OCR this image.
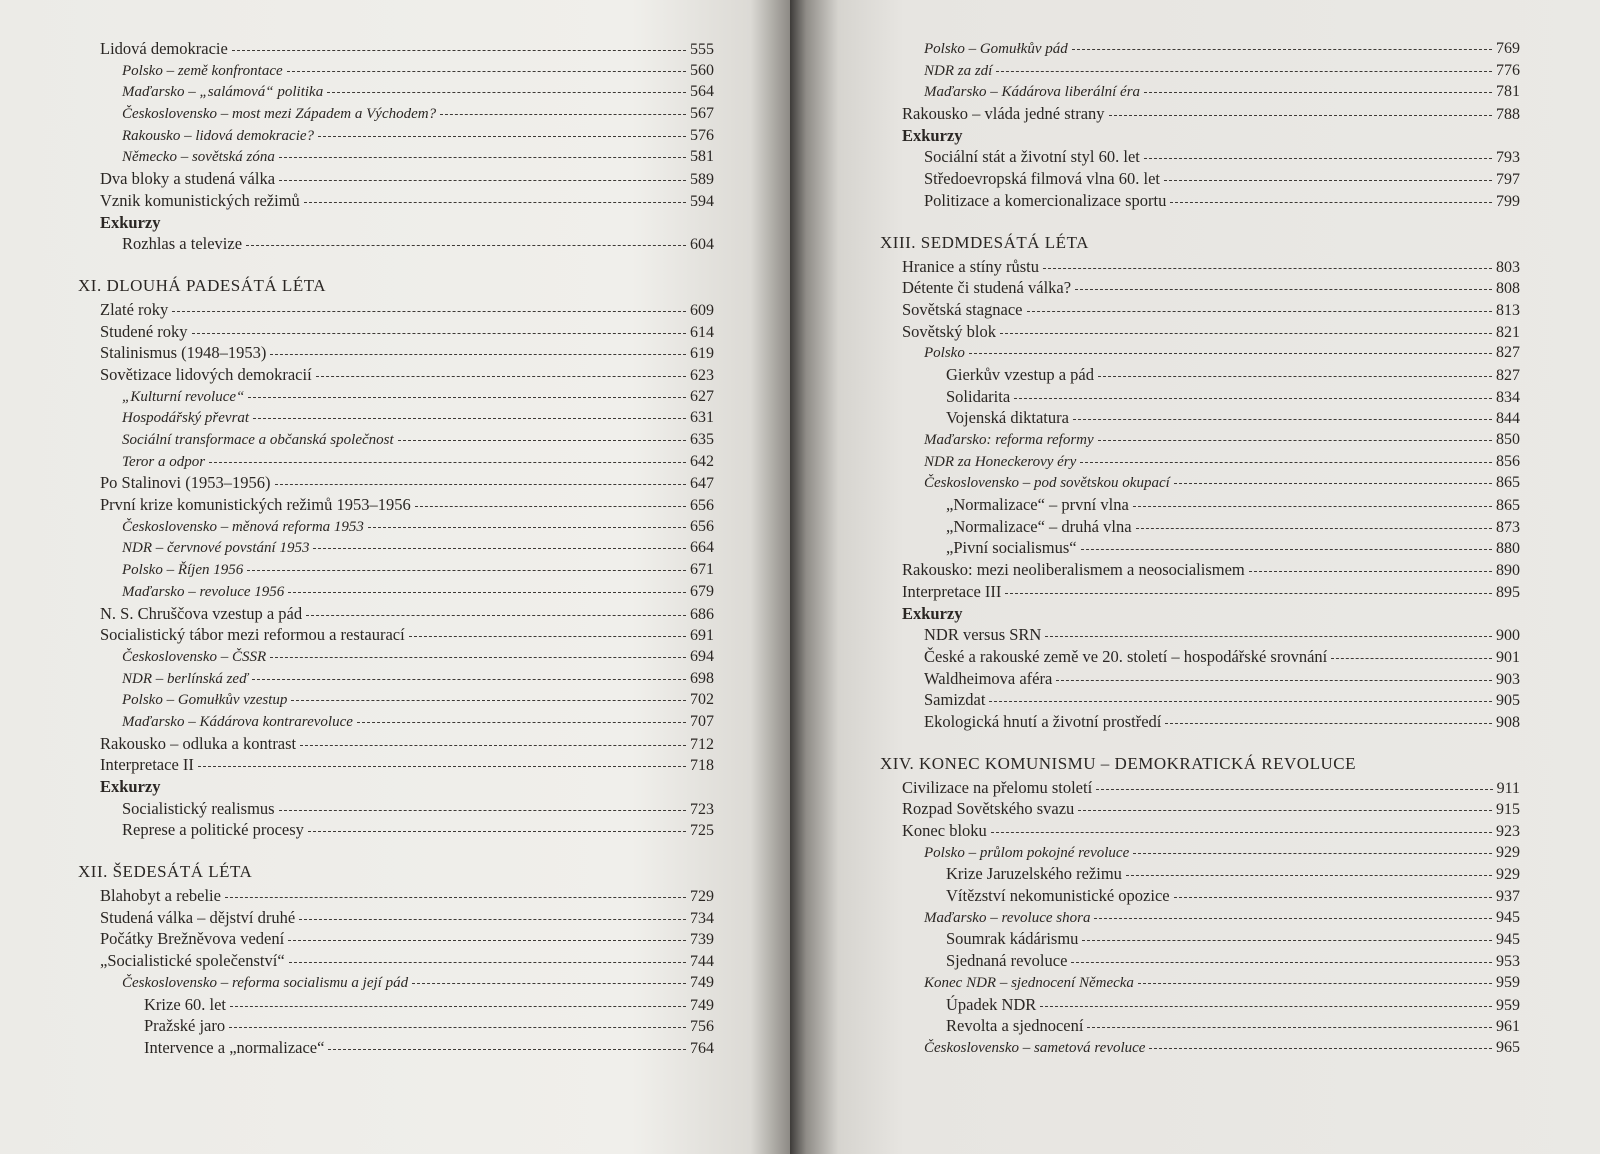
Lidová demokracie	555
Polsko – země konfrontace	560
Maďarsko – „salámová“ politika	564
Československo – most mezi Západem a Východem?	567
Rakousko – lidová demokracie?	576
Německo – sovětská zóna	581
Dva bloky a studená válka	589
Vznik komunistických režimů	594
Exkurzy
Rozhlas a televize	604
XI. DLOUHÁ PADESÁTÁ LÉTA
Zlaté roky	609
Studené roky	614
Stalinismus (1948–1953)	619
Sovětizace lidových demokracií	623
„Kulturní revoluce“	627
Hospodářský převrat	631
Sociální transformace a občanská společnost	635
Teror a odpor	642
Po Stalinovi (1953–1956)	647
První krize komunistických režimů 1953–1956	656
Československo – měnová reforma 1953	656
NDR – červnové povstání 1953	664
Polsko – Říjen 1956	671
Maďarsko – revoluce 1956	679
N. S. Chruščova vzestup a pád	686
Socialistický tábor mezi reformou a restaurací	691
Československo – ČSSR	694
NDR – berlínská zeď	698
Polsko – Gomułkův vzestup	702
Maďarsko – Kádárova kontrarevoluce	707
Rakousko – odluka a kontrast	712
Interpretace II	718
Exkurzy
Socialistický realismus	723
Represe a politické procesy	725
XII. ŠEDESÁTÁ LÉTA
Blahobyt a rebelie	729
Studená válka – dějství druhé	734
Počátky Brežněvova vedení	739
„Socialistické společenství“	744
Československo – reforma socialismu a její pád	749
Krize 60. let	749
Pražské jaro	756
Intervence a „normalizace“	764
Polsko – Gomułkův pád	769
NDR za zdí	776
Maďarsko – Kádárova liberální éra	781
Rakousko – vláda jedné strany	788
Exkurzy
Sociální stát a životní styl 60. let	793
Středoevropská filmová vlna 60. let	797
Politizace a komercionalizace sportu	799
XIII. SEDMDESÁTÁ LÉTA
Hranice a stíny růstu	803
Détente či studená válka?	808
Sovětská stagnace	813
Sovětský blok	821
Polsko	827
Gierkův vzestup a pád	827
Solidarita	834
Vojenská diktatura	844
Maďarsko: reforma reformy	850
NDR za Honeckerovy éry	856
Československo – pod sovětskou okupací	865
„Normalizace“ – první vlna	865
„Normalizace“ – druhá vlna	873
„Pivní socialismus“	880
Rakousko: mezi neoliberalismem a neosocialismem	890
Interpretace III	895
Exkurzy
NDR versus SRN	900
České a rakouské země ve 20. století – hospodářské srovnání	901
Waldheimova aféra	903
Samizdat	905
Ekologická hnutí a životní prostředí	908
XIV. KONEC KOMUNISMU – DEMOKRATICKÁ REVOLUCE
Civilizace na přelomu století	911
Rozpad Sovětského svazu	915
Konec bloku	923
Polsko – průlom pokojné revoluce	929
Krize Jaruzelského režimu	929
Vítězství nekomunistické opozice	937
Maďarsko – revoluce shora	945
Soumrak kádárismu	945
Sjednaná revoluce	953
Konec NDR – sjednocení Německa	959
Úpadek NDR	959
Revolta a sjednocení	961
Československo – sametová revoluce	965
